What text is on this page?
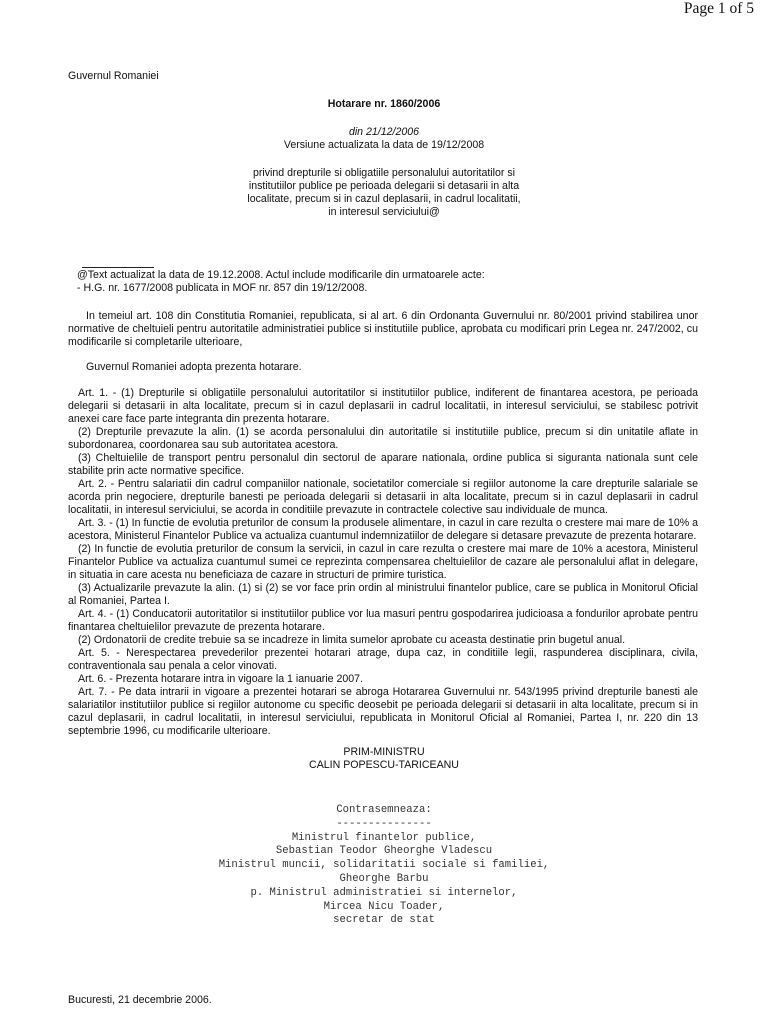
Page 1 of 5
Guvernul Romaniei
Hotarare nr. 1860/2006
din 21/12/2006
Versiune actualizata la data de 19/12/2008
privind drepturile si obligatiile personalului autoritatilor si
institutiilor publice pe perioada delegarii si detasarii in alta
localitate, precum si in cazul deplasarii, in cadrul localitatii,
in interesul serviciului@
@Text actualizat la data de 19.12.2008. Actul include modificarile din urmatoarele acte:
- H.G. nr. 1677/2008 publicata in MOF nr. 857 din 19/12/2008.

In temeiul art. 108 din Constitutia Romaniei, republicata, si al art. 6 din Ordonanta Guvernului nr. 80/2001 privind stabilirea unor normative de cheltuieli pentru autoritatile administratiei publice si institutiile publice, aprobata cu modificari prin Legea nr. 247/2002, cu modificarile si completarile ulterioare,

Guvernul Romaniei adopta prezenta hotarare.

Art. 1. - (1) Drepturile si obligatiile personalului autoritatilor si institutiilor publice, indiferent de finantarea acestora, pe perioada delegarii si detasarii in alta localitate, precum si in cazul deplasarii in cadrul localitatii, in interesul serviciului, se stabilesc potrivit anexei care face parte integranta din prezenta hotarare.

(2) Drepturile prevazute la alin. (1) se acorda personalului din autoritatile si institutiile publice, precum si din unitatile aflate in subordonarea, coordonarea sau sub autoritatea acestora.

(3) Cheltuielile de transport pentru personalul din sectorul de aparare nationala, ordine publica si siguranta nationala sunt cele stabilite prin acte normative specifice.

Art. 2. - Pentru salariatii din cadrul companiilor nationale, societatilor comerciale si regiilor autonome la care drepturile salariale se acorda prin negociere, drepturile banesti pe perioada delegarii si detasarii in alta localitate, precum si in cazul deplasarii in cadrul localitatii, in interesul serviciului, se acorda in conditiile prevazute in contractele colective sau individuale de munca.

Art. 3. - (1) In functie de evolutia preturilor de consum la produsele alimentare, in cazul in care rezulta o crestere mai mare de 10% a acestora, Ministerul Finantelor Publice va actualiza cuantumul indemnizatiilor de delegare si detasare prevazute de prezenta hotarare.

(2) In functie de evolutia preturilor de consum la servicii, in cazul in care rezulta o crestere mai mare de 10% a acestora, Ministerul Finantelor Publice va actualiza cuantumul sumei ce reprezinta compensarea cheltuielilor de cazare ale personalului aflat in delegare, in situatia in care acesta nu beneficiaza de cazare in structuri de primire turistica.

(3) Actualizarile prevazute la alin. (1) si (2) se vor face prin ordin al ministrului finantelor publice, care se publica in Monitorul Oficial al Romaniei, Partea I.

Art. 4. - (1) Conducatorii autoritatilor si institutiilor publice vor lua masuri pentru gospodarirea judicioasa a fondurilor aprobate pentru finantarea cheltuielilor prevazute de prezenta hotarare.

(2) Ordonatorii de credite trebuie sa se incadreze in limita sumelor aprobate cu aceasta destinatie prin bugetul anual.

Art. 5. - Nerespectarea prevederilor prezentei hotarari atrage, dupa caz, in conditiile legii, raspunderea disciplinara, civila, contraventionala sau penala a celor vinovati.

Art. 6. - Prezenta hotarare intra in vigoare la 1 ianuarie 2007.

Art. 7. - Pe data intrarii in vigoare a prezentei hotarari se abroga Hotararea Guvernului nr. 543/1995 privind drepturile banesti ale salariatilor institutiilor publice si regiilor autonome cu specific deosebit pe perioada delegarii si detasarii in alta localitate, precum si in cazul deplasarii, in cadrul localitatii, in interesul serviciului, republicata in Monitorul Oficial al Romaniei, Partea I, nr. 220 din 13 septembrie 1996, cu modificarile ulterioare.

PRIM-MINISTRU
CALIN POPESCU-TARICEANU
Contrasemneaza:
---------------
Ministrul finantelor publice,
Sebastian Teodor Gheorghe Vladescu
Ministrul muncii, solidaritatii sociale si familiei,
Gheorghe Barbu
p. Ministrul administratiei si internelor,
Mircea Nicu Toader,
secretar de stat
Bucuresti, 21 decembrie 2006.
